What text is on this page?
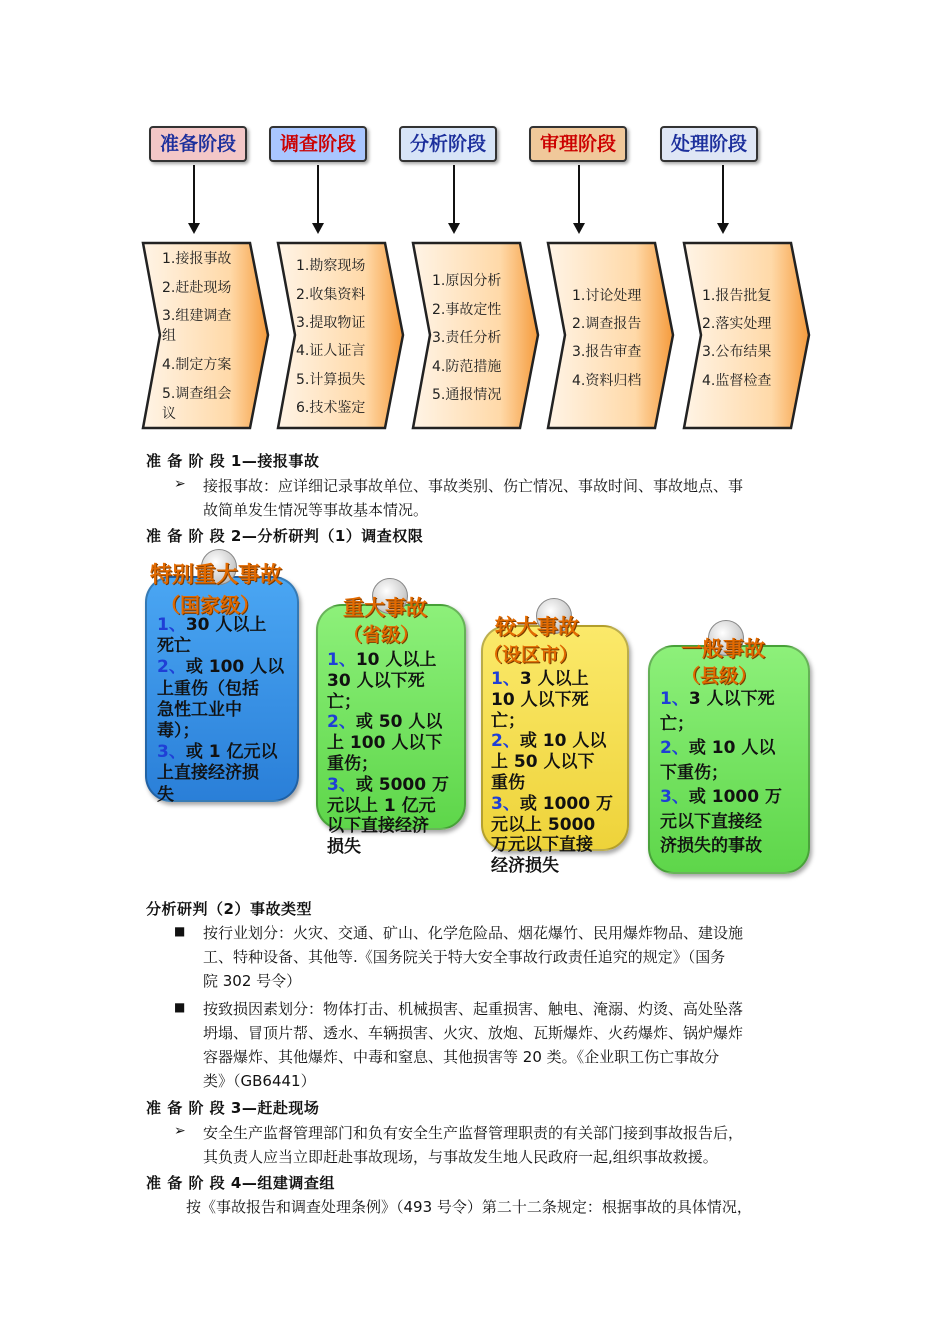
准备阶段	调查阶段	分析阶段	审理阶段	处理阶段
1.接报事故
2.赶赴现场
3.组建调查
组
4.制定方案
5.调查组会
议
1.勘察现场
2.收集资料
3.提取物证
4.证人证言
5.计算损失
6.技术鉴定
1.原因分析
2.事故定性
3.责任分析
4.防范措施
5.通报情况
1.讨论处理
2.调查报告
3.报告审查
4.资料归档
1.报告批复
2.落实处理
3.公布结果
4.监督检查
准 备 阶 段 1—接报事故
➢ 接报事故：应详细记录事故单位、事故类别、伤亡情况、事故时间、事故地点、事
故简单发生情况等事故基本情况。
准 备 阶 段 2—分析研判（1）调查权限
特别重大事故
（国家级）	重大事故
（省级）	较大事故
（设区市）	一般事故
（县级）
1、30 人以上
死亡
2、或 100 人以
上重伤（包括
急性工业中
毒）；
3、或 1 亿元以
上直接经济损
失
1、10 人以上
30 人以下死
亡；
2、或 50 人以
上 100 人以下
重伤；
3、或 5000 万
元以上 1 亿元
以下直接经济
损失
1、3 人以上
10 人以下死
亡；
2、或 10 人以
上 50 人以下
重伤
3、或 1000 万
元以上 5000
万元以下直接
经济损失
1、3 人以下死
亡；
2、或 10 人以
下重伤；
3、或 1000 万
元以下直接经
济损失的事故
分析研判（2）事故类型
■ 按行业划分：火灾、交通、矿山、化学危险品、烟花爆竹、民用爆炸物品、建设施
工、特种设备、其他等.《国务院关于特大安全事故行政责任追究的规定》（国务
院 302 号令）
■ 按致损因素划分：物体打击、机械损害、起重损害、触电、淹溺、灼烫、高处坠落
坍塌、冒顶片帮、透水、车辆损害、火灾、放炮、瓦斯爆炸、火药爆炸、锅炉爆炸
容器爆炸、其他爆炸、中毒和窒息、其他损害等 20 类。《企业职工伤亡事故分
类》（GB6441）
准 备 阶 段 3—赶赴现场
➢ 安全生产监督管理部门和负有安全生产监督管理职责的有关部门接到事故报告后，
其负责人应当立即赶赴事故现场，与事故发生地人民政府一起,组织事故救援。
准 备 阶 段 4—组建调查组
按《事故报告和调查处理条例》（493 号令）第二十二条规定：根据事故的具体情况，
